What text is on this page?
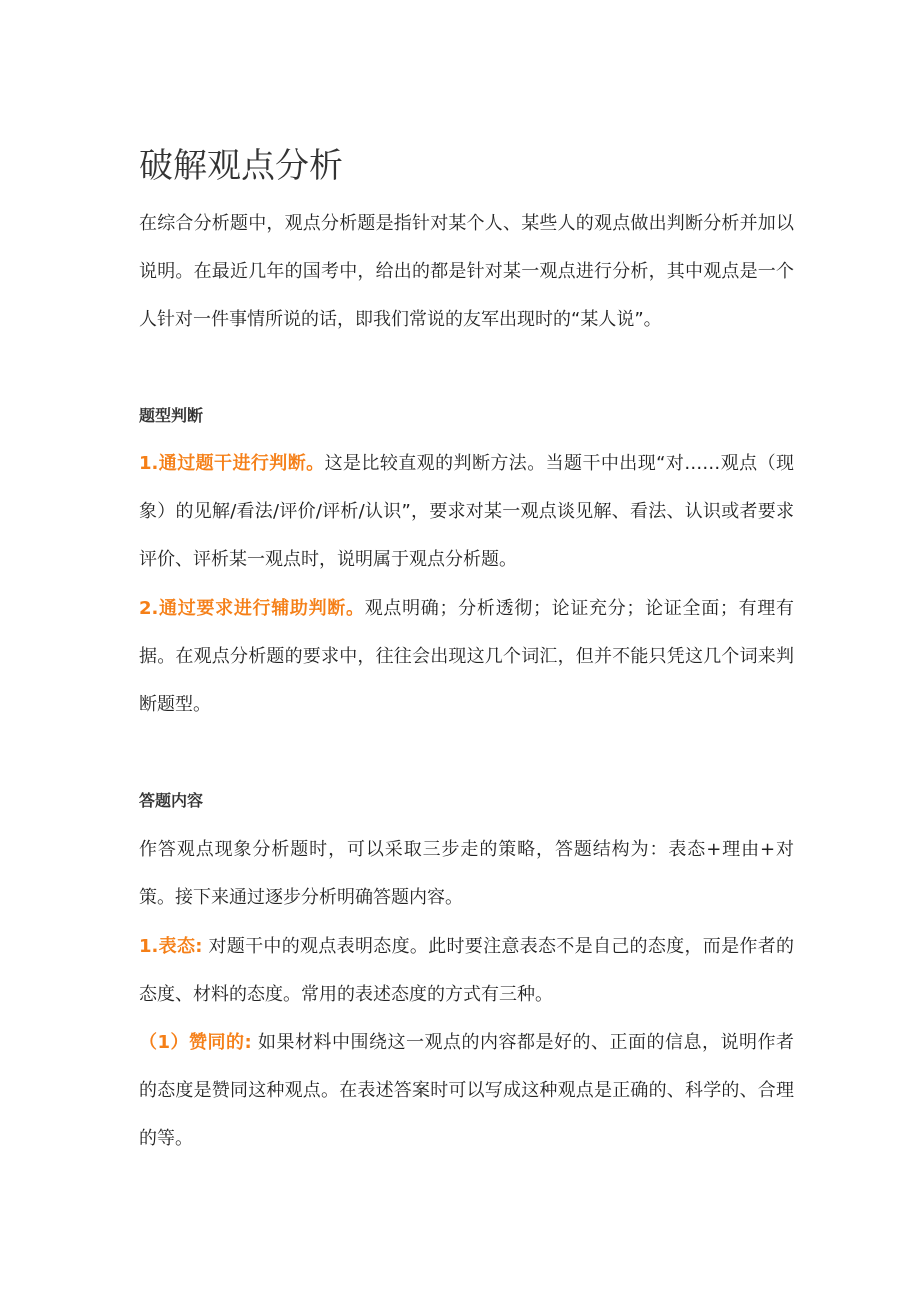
破解观点分析

在综合分析题中，观点分析题是指针对某个人、某些人的观点做出判断分析并加以说明。在最近几年的国考中，给出的都是针对某一观点进行分析，其中观点是一个人针对一件事情所说的话，即我们常说的友军出现时的“某人说”。

题型判断

1.通过题干进行判断。这是比较直观的判断方法。当题干中出现“对……观点（现象）的见解/看法/评价/评析/认识”，要求对某一观点谈见解、看法、认识或者要求评价、评析某一观点时，说明属于观点分析题。

2.通过要求进行辅助判断。观点明确；分析透彻；论证充分；论证全面；有理有据。在观点分析题的要求中，往往会出现这几个词汇，但并不能只凭这几个词来判断题型。

答题内容

作答观点现象分析题时，可以采取三步走的策略，答题结构为：表态+理由+对策。接下来通过逐步分析明确答题内容。

1.表态: 对题干中的观点表明态度。此时要注意表态不是自己的态度，而是作者的态度、材料的态度。常用的表述态度的方式有三种。

（1）赞同的: 如果材料中围绕这一观点的内容都是好的、正面的信息，说明作者的态度是赞同这种观点。在表述答案时可以写成这种观点是正确的、科学的、合理的等。
